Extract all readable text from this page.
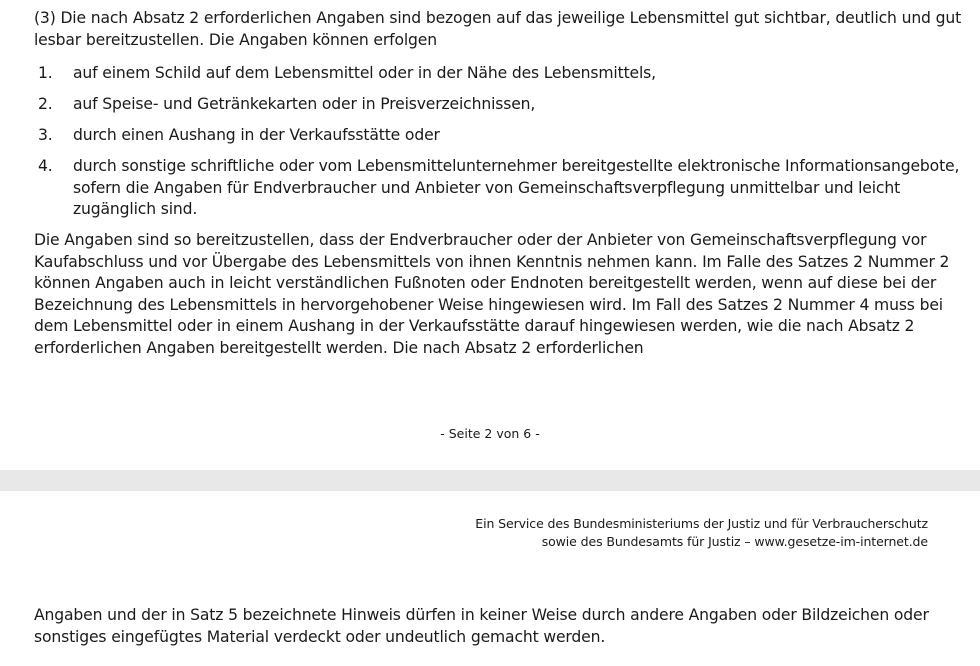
(3) Die nach Absatz 2 erforderlichen Angaben sind bezogen auf das jeweilige Lebensmittel gut sichtbar, deutlich und gut lesbar bereitzustellen. Die Angaben können erfolgen

1. auf einem Schild auf dem Lebensmittel oder in der Nähe des Lebensmittels,
2. auf Speise- und Getränkekarten oder in Preisverzeichnissen,
3. durch einen Aushang in der Verkaufsstätte oder
4. durch sonstige schriftliche oder vom Lebensmittelunternehmer bereitgestellte elektronische Informationsangebote, sofern die Angaben für Endverbraucher und Anbieter von Gemeinschaftsverpflegung unmittelbar und leicht zugänglich sind.

Die Angaben sind so bereitzustellen, dass der Endverbraucher oder der Anbieter von Gemeinschaftsverpflegung vor Kaufabschluss und vor Übergabe des Lebensmittels von ihnen Kenntnis nehmen kann. Im Falle des Satzes 2 Nummer 2 können Angaben auch in leicht verständlichen Fußnoten oder Endnoten bereitgestellt werden, wenn auf diese bei der Bezeichnung des Lebensmittels in hervorgehobener Weise hingewiesen wird. Im Fall des Satzes 2 Nummer 4 muss bei dem Lebensmittel oder in einem Aushang in der Verkaufsstätte darauf hingewiesen werden, wie die nach Absatz 2 erforderlichen Angaben bereitgestellt werden. Die nach Absatz 2 erforderlichen

- Seite 2 von 6 -
Ein Service des Bundesministeriums der Justiz und für Verbraucherschutz
sowie des Bundesamts für Justiz – www.gesetze-im-internet.de

Angaben und der in Satz 5 bezeichnete Hinweis dürfen in keiner Weise durch andere Angaben oder Bildzeichen oder sonstiges eingefügtes Material verdeckt oder undeutlich gemacht werden.
